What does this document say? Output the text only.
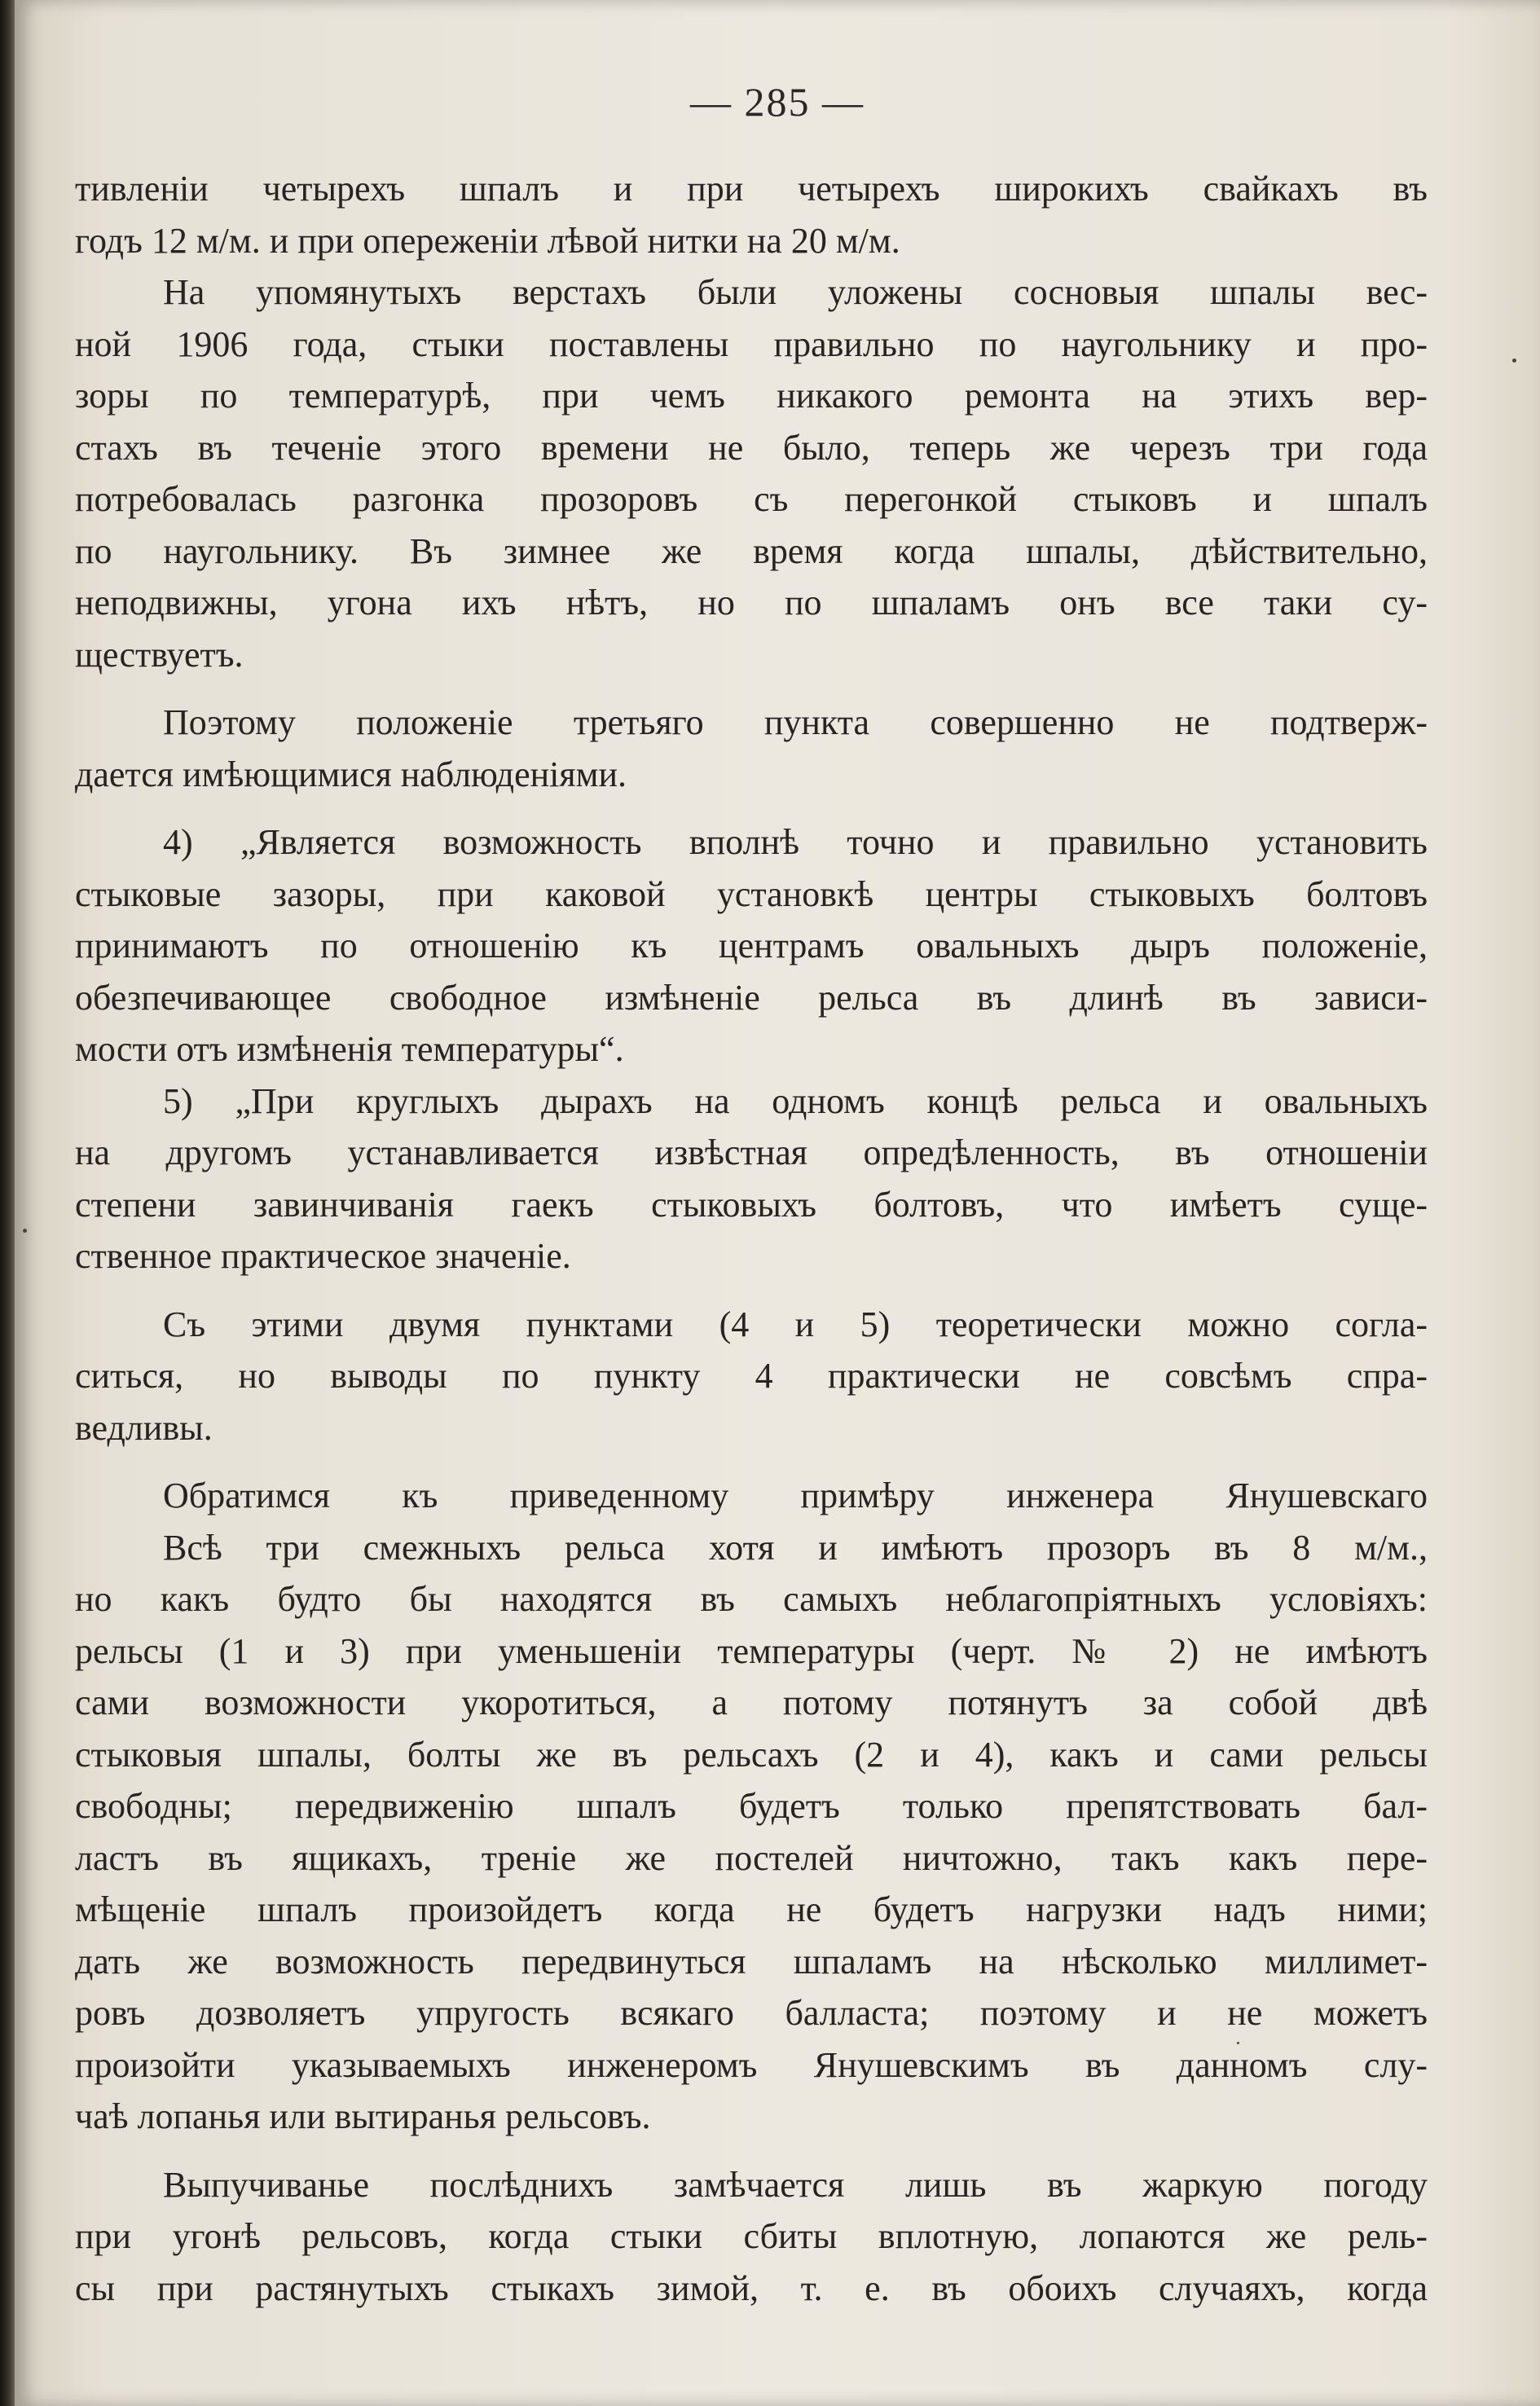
— 285 —
тивленіи четырехъ шпалъ и при четырехъ широкихъ свайкахъ въ
годъ 12 м/м. и при опереженіи лѣвой нитки на 20 м/м.
На упомянутыхъ верстахъ были уложены сосновыя шпалы вес-
ной 1906 года, стыки поставлены правильно по наугольнику и про-
зоры по температурѣ, при чемъ никакого ремонта на этихъ вер-
стахъ въ теченіе этого времени не было, теперь же черезъ три года
потребовалась разгонка прозоровъ съ перегонкой стыковъ и шпалъ
по наугольнику. Въ зимнее же время когда шпалы, дѣйствительно,
неподвижны, угона ихъ нѣтъ, но по шпаламъ онъ все таки су-
ществуетъ.
Поэтому положеніе третьяго пункта совершенно не подтверж-
дается имѣющимися наблюденіями.
4) „Является возможность вполнѣ точно и правильно установить
стыковые зазоры, при каковой установкѣ центры стыковыхъ болтовъ
принимаютъ по отношенію къ центрамъ овальныхъ дыръ положеніе,
обезпечивающее свободное измѣненіе рельса въ длинѣ въ зависи-
мости отъ измѣненія температуры“.
5) „При круглыхъ дырахъ на одномъ концѣ рельса и овальныхъ
на другомъ устанавливается извѣстная опредѣленность, въ отношеніи
степени завинчиванія гаекъ стыковыхъ болтовъ, что имѣетъ суще-
ственное практическое значеніе.
Съ этими двумя пунктами (4 и 5) теоретически можно согла-
ситься, но выводы по пункту 4 практически не совсѣмъ спра-
ведливы.
Обратимся къ приведенному примѣру инженера Янушевскаго
Всѣ три смежныхъ рельса хотя и имѣютъ прозоръ въ 8 м/м.,
но какъ будто бы находятся въ самыхъ неблагопріятныхъ условіяхъ:
рельсы (1 и 3) при уменьшеніи температуры (черт. № 2) не имѣютъ
сами возможности укоротиться, а потому потянутъ за собой двѣ
стыковыя шпалы, болты же въ рельсахъ (2 и 4), какъ и сами рельсы
свободны; передвиженію шпалъ будетъ только препятствовать бал-
ластъ въ ящикахъ, треніе же постелей ничтожно, такъ какъ пере-
мѣщеніе шпалъ произойдетъ когда не будетъ нагрузки надъ ними;
дать же возможность передвинуться шпаламъ на нѣсколько миллимет-
ровъ дозволяетъ упругость всякаго балласта; поэтому и не можетъ
произойти указываемыхъ инженеромъ Янушевскимъ въ данномъ слу-
чаѣ лопанья или вытиранья рельсовъ.
Выпучиванье послѣднихъ замѣчается лишь въ жаркую погоду
при угонѣ рельсовъ, когда стыки сбиты вплотную, лопаются же рель-
сы при растянутыхъ стыкахъ зимой, т. е. въ обоихъ случаяхъ, когда
